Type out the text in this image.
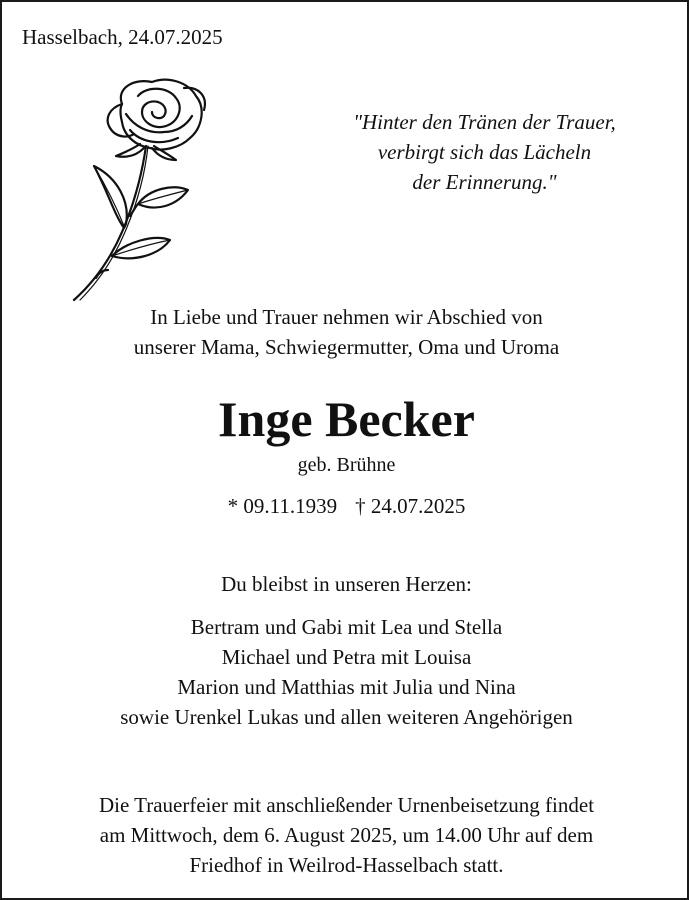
Hasselbach, 24.07.2025
"Hinter den Tränen der Trauer,
verbirgt sich das Lächeln
der Erinnerung."
In Liebe und Trauer nehmen wir Abschied von
unserer Mama, Schwiegermutter, Oma und Uroma
Inge Becker
geb. Brühne
* 09.11.1939 † 24.07.2025
Du bleibst in unseren Herzen:
Bertram und Gabi mit Lea und Stella
Michael und Petra mit Louisa
Marion und Matthias mit Julia und Nina
sowie Urenkel Lukas und allen weiteren Angehörigen
Die Trauerfeier mit anschließender Urnenbeisetzung findet
am Mittwoch, dem 6. August 2025, um 14.00 Uhr auf dem
Friedhof in Weilrod-Hasselbach statt.
